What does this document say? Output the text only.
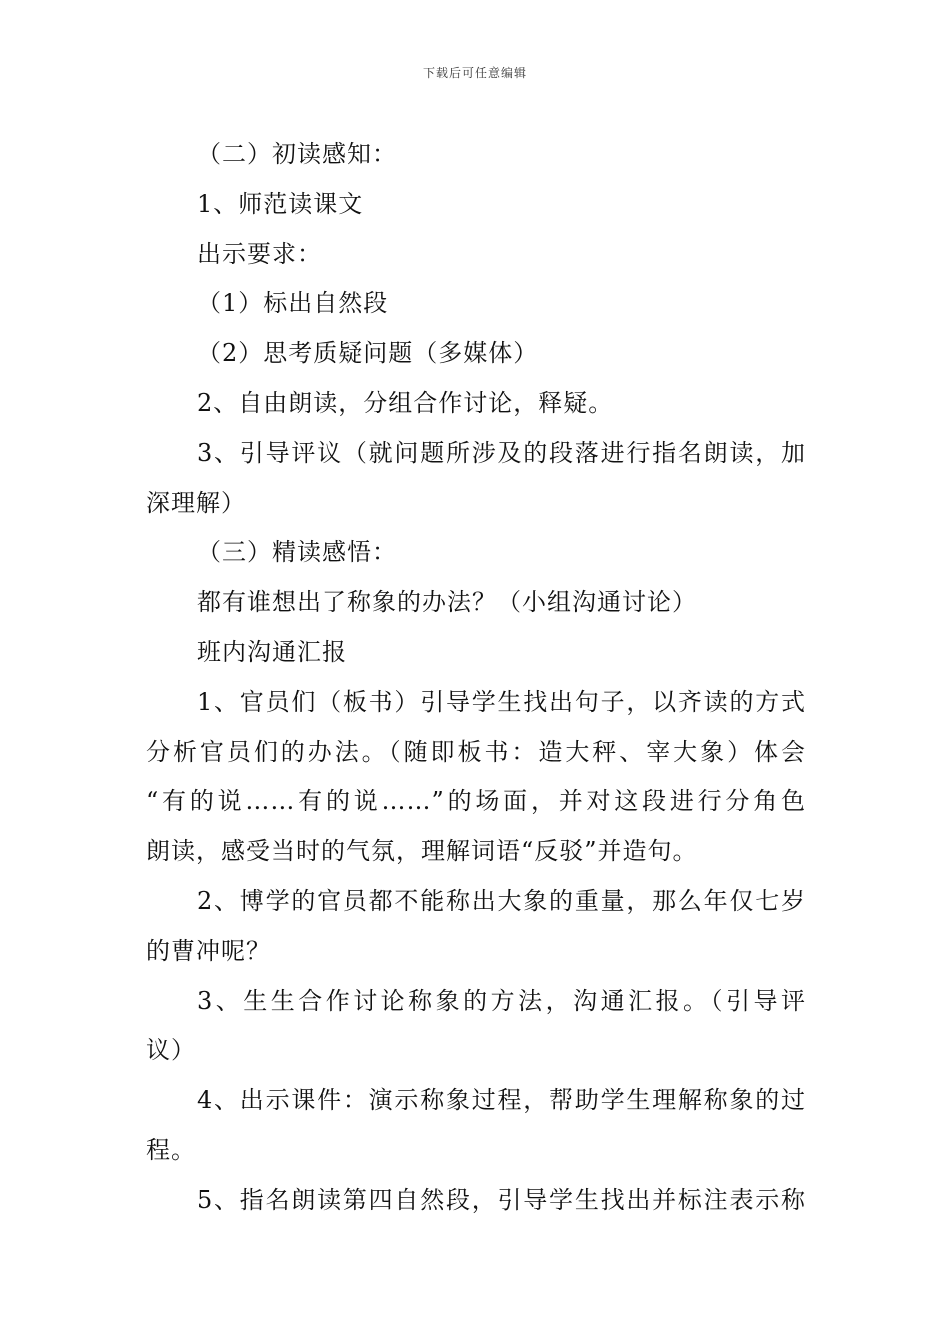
下载后可任意编辑
（二）初读感知：
1、师范读课文
出示要求：
（1）标出自然段
（2）思考质疑问题（多媒体）
2、自由朗读，分组合作讨论，释疑。
3、引导评议（就问题所涉及的段落进行指名朗读，加
深理解）
（三）精读感悟：
都有谁想出了称象的办法？（小组沟通讨论）
班内沟通汇报
1、官员们（板书）引导学生找出句子，以齐读的方式
分析官员们的办法。（随即板书：造大秤、宰大象）体会
“有的说……有的说……”的场面，并对这段进行分角色
朗读，感受当时的气氛，理解词语“反驳”并造句。
2、博学的官员都不能称出大象的重量，那么年仅七岁
的曹冲呢？
3、生生合作讨论称象的方法，沟通汇报。（引导评
议）
4、出示课件：演示称象过程，帮助学生理解称象的过
程。
5、指名朗读第四自然段，引导学生找出并标注表示称
